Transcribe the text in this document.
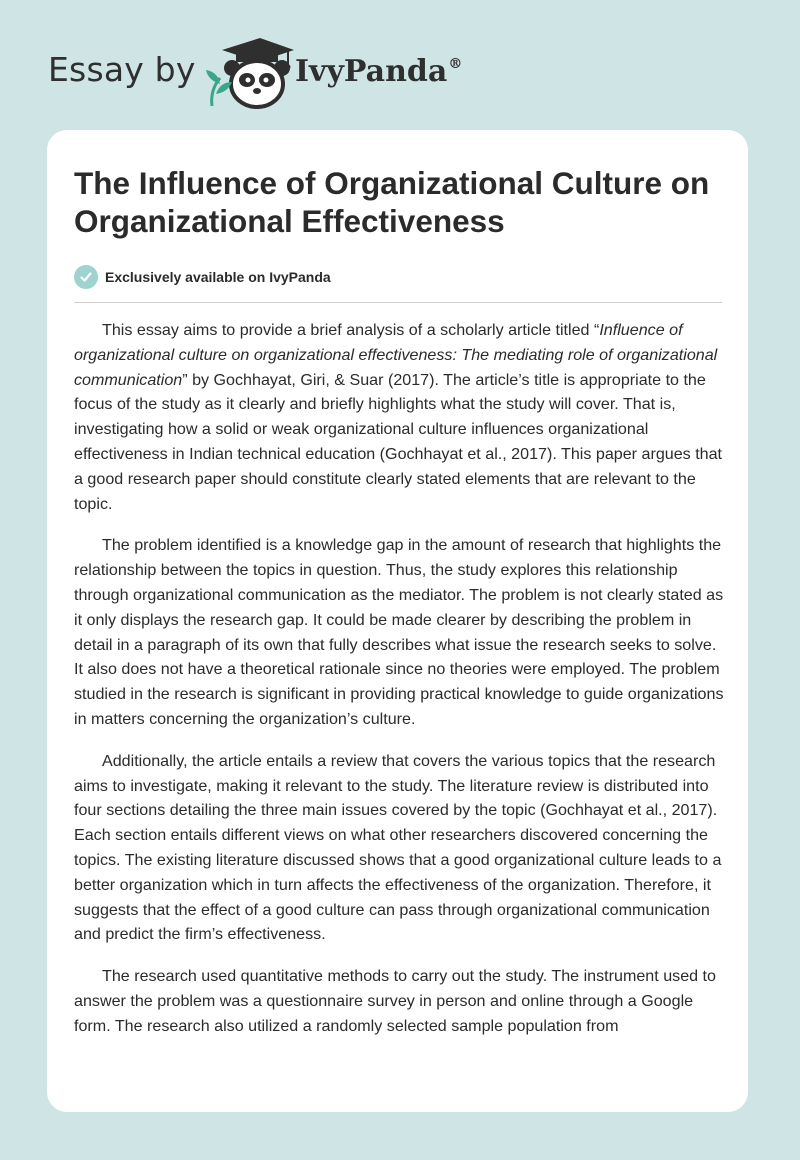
Essay by	IvyPanda®
The Influence of Organizational Culture on Organizational Effectiveness
Exclusively available on IvyPanda

This essay aims to provide a brief analysis of a scholarly article titled “Influence of organizational culture on organizational effectiveness: The mediating role of organizational communication” by Gochhayat, Giri, & Suar (2017). The article’s title is appropriate to the focus of the study as it clearly and briefly highlights what the study will cover. That is, investigating how a solid or weak organizational culture influences organizational effectiveness in Indian technical education (Gochhayat et al., 2017). This paper argues that a good research paper should constitute clearly stated elements that are relevant to the topic.

The problem identified is a knowledge gap in the amount of research that highlights the relationship between the topics in question. Thus, the study explores this relationship through organizational communication as the mediator. The problem is not clearly stated as it only displays the research gap. It could be made clearer by describing the problem in detail in a paragraph of its own that fully describes what issue the research seeks to solve. It also does not have a theoretical rationale since no theories were employed. The problem studied in the research is significant in providing practical knowledge to guide organizations in matters concerning the organization’s culture.

Additionally, the article entails a review that covers the various topics that the research aims to investigate, making it relevant to the study. The literature review is distributed into four sections detailing the three main issues covered by the topic (Gochhayat et al., 2017). Each section entails different views on what other researchers discovered concerning the topics. The existing literature discussed shows that a good organizational culture leads to a better organization which in turn affects the effectiveness of the organization. Therefore, it suggests that the effect of a good culture can pass through organizational communication and predict the firm’s effectiveness.

The research used quantitative methods to carry out the study. The instrument used to answer the problem was a questionnaire survey in person and online through a Google form. The research also utilized a randomly selected sample population from
